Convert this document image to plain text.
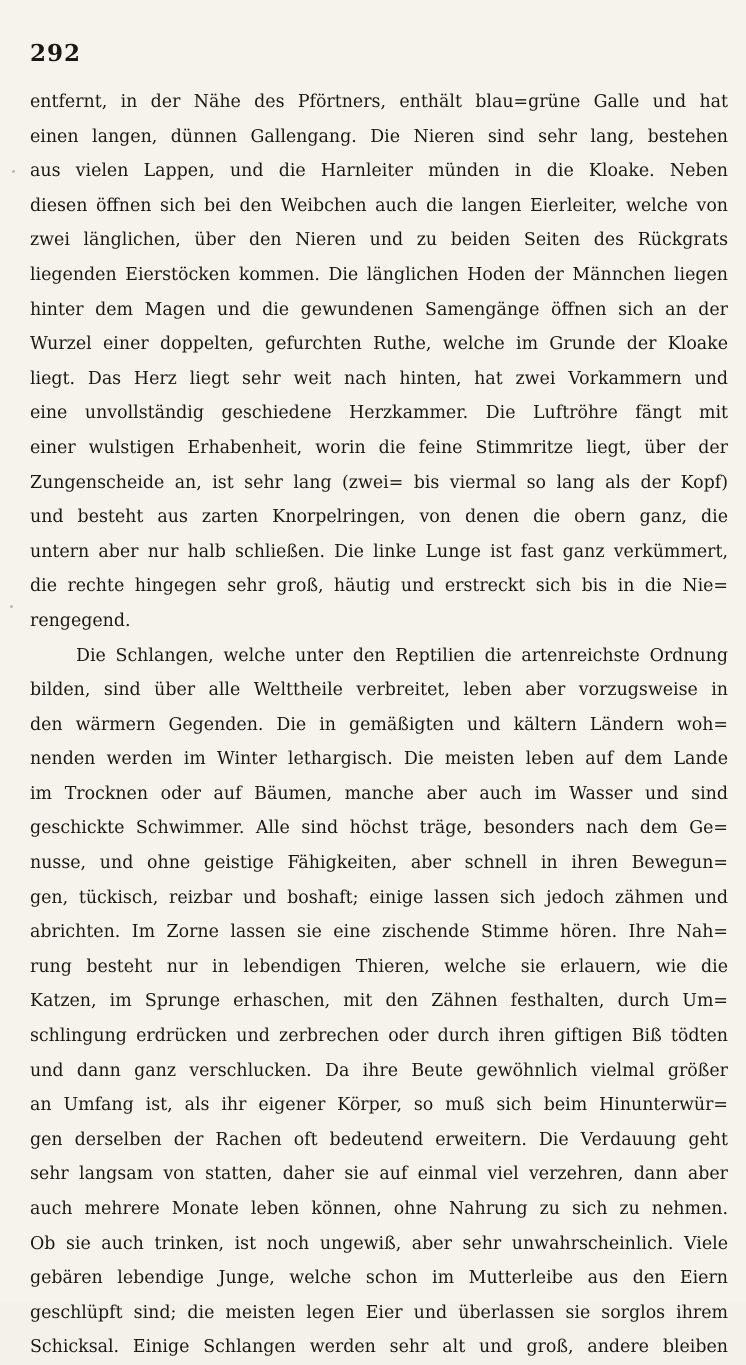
292
entfernt, in der Nähe des Pförtners, enthält blau=grüne Galle und hat
einen langen, dünnen Gallengang. Die Nieren sind sehr lang, bestehen
aus vielen Lappen, und die Harnleiter münden in die Kloake. Neben
diesen öffnen sich bei den Weibchen auch die langen Eierleiter, welche von
zwei länglichen, über den Nieren und zu beiden Seiten des Rückgrats
liegenden Eierstöcken kommen. Die länglichen Hoden der Männchen liegen
hinter dem Magen und die gewundenen Samengänge öffnen sich an der
Wurzel einer doppelten, gefurchten Ruthe, welche im Grunde der Kloake
liegt. Das Herz liegt sehr weit nach hinten, hat zwei Vorkammern und
eine unvollständig geschiedene Herzkammer. Die Luftröhre fängt mit
einer wulstigen Erhabenheit, worin die feine Stimmritze liegt, über der
Zungenscheide an, ist sehr lang (zwei= bis viermal so lang als der Kopf)
und besteht aus zarten Knorpelringen, von denen die obern ganz, die
untern aber nur halb schließen. Die linke Lunge ist fast ganz verkümmert,
die rechte hingegen sehr groß, häutig und erstreckt sich bis in die Nie=
rengegend.
Die Schlangen, welche unter den Reptilien die artenreichste Ordnung
bilden, sind über alle Welttheile verbreitet, leben aber vorzugsweise in
den wärmern Gegenden. Die in gemäßigten und kältern Ländern woh=
nenden werden im Winter lethargisch. Die meisten leben auf dem Lande
im Trocknen oder auf Bäumen, manche aber auch im Wasser und sind
geschickte Schwimmer. Alle sind höchst träge, besonders nach dem Ge=
nusse, und ohne geistige Fähigkeiten, aber schnell in ihren Bewegun=
gen, tückisch, reizbar und boshaft; einige lassen sich jedoch zähmen und
abrichten. Im Zorne lassen sie eine zischende Stimme hören. Ihre Nah=
rung besteht nur in lebendigen Thieren, welche sie erlauern, wie die
Katzen, im Sprunge erhaschen, mit den Zähnen festhalten, durch Um=
schlingung erdrücken und zerbrechen oder durch ihren giftigen Biß tödten
und dann ganz verschlucken. Da ihre Beute gewöhnlich vielmal größer
an Umfang ist, als ihr eigener Körper, so muß sich beim Hinunterwür=
gen derselben der Rachen oft bedeutend erweitern. Die Verdauung geht
sehr langsam von statten, daher sie auf einmal viel verzehren, dann aber
auch mehrere Monate leben können, ohne Nahrung zu sich zu nehmen.
Ob sie auch trinken, ist noch ungewiß, aber sehr unwahrscheinlich. Viele
gebären lebendige Junge, welche schon im Mutterleibe aus den Eiern
geschlüpft sind; die meisten legen Eier und überlassen sie sorglos ihrem
Schicksal. Einige Schlangen werden sehr alt und groß, andere bleiben
